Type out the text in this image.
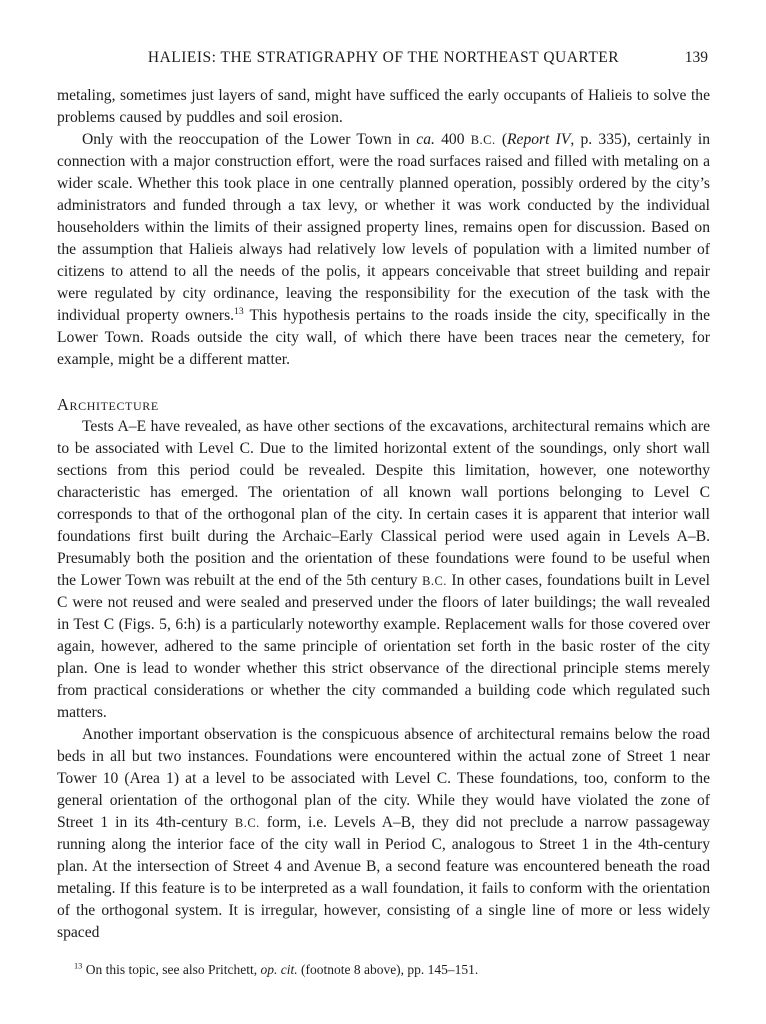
HALIEIS: THE STRATIGRAPHY OF THE NORTHEAST QUARTER	139

metaling, sometimes just layers of sand, might have sufficed the early occupants of Halieis to solve the problems caused by puddles and soil erosion.

Only with the reoccupation of the Lower Town in ca. 400 B.C. (Report IV, p. 335), certainly in connection with a major construction effort, were the road surfaces raised and filled with metaling on a wider scale. Whether this took place in one centrally planned operation, possibly ordered by the city’s administrators and funded through a tax levy, or whether it was work conducted by the individual householders within the limits of their assigned property lines, remains open for discussion. Based on the assumption that Halieis always had relatively low levels of population with a limited number of citizens to attend to all the needs of the polis, it appears conceivable that street building and repair were regulated by city ordinance, leaving the responsibility for the execution of the task with the individual property owners.$^{13}$ This hypothesis pertains to the roads inside the city, specifically in the Lower Town. Roads outside the city wall, of which there have been traces near the cemetery, for example, might be a different matter.

Architecture

Tests A–E have revealed, as have other sections of the excavations, architectural remains which are to be associated with Level C. Due to the limited horizontal extent of the soundings, only short wall sections from this period could be revealed. Despite this limitation, however, one noteworthy characteristic has emerged. The orientation of all known wall portions belonging to Level C corresponds to that of the orthogonal plan of the city. In certain cases it is apparent that interior wall foundations first built during the Archaic–Early Classical period were used again in Levels A–B. Presumably both the position and the orientation of these foundations were found to be useful when the Lower Town was rebuilt at the end of the 5th century B.C. In other cases, foundations built in Level C were not reused and were sealed and preserved under the floors of later buildings; the wall revealed in Test C (Figs. 5, 6:h) is a particularly noteworthy example. Replacement walls for those covered over again, however, adhered to the same principle of orientation set forth in the basic roster of the city plan. One is lead to wonder whether this strict observance of the directional principle stems merely from practical considerations or whether the city commanded a building code which regulated such matters.

Another important observation is the conspicuous absence of architectural remains below the road beds in all but two instances. Foundations were encountered within the actual zone of Street 1 near Tower 10 (Area 1) at a level to be associated with Level C. These foundations, too, conform to the general orientation of the orthogonal plan of the city. While they would have violated the zone of Street 1 in its 4th-century B.C. form, i.e. Levels A–B, they did not preclude a narrow passageway running along the interior face of the city wall in Period C, analogous to Street 1 in the 4th-century plan. At the intersection of Street 4 and Avenue B, a second feature was encountered beneath the road metaling. If this feature is to be interpreted as a wall foundation, it fails to conform with the orientation of the orthogonal system. It is irregular, however, consisting of a single line of more or less widely spaced

$^{13}$ On this topic, see also Pritchett, op. cit. (footnote 8 above), pp. 145–151.
